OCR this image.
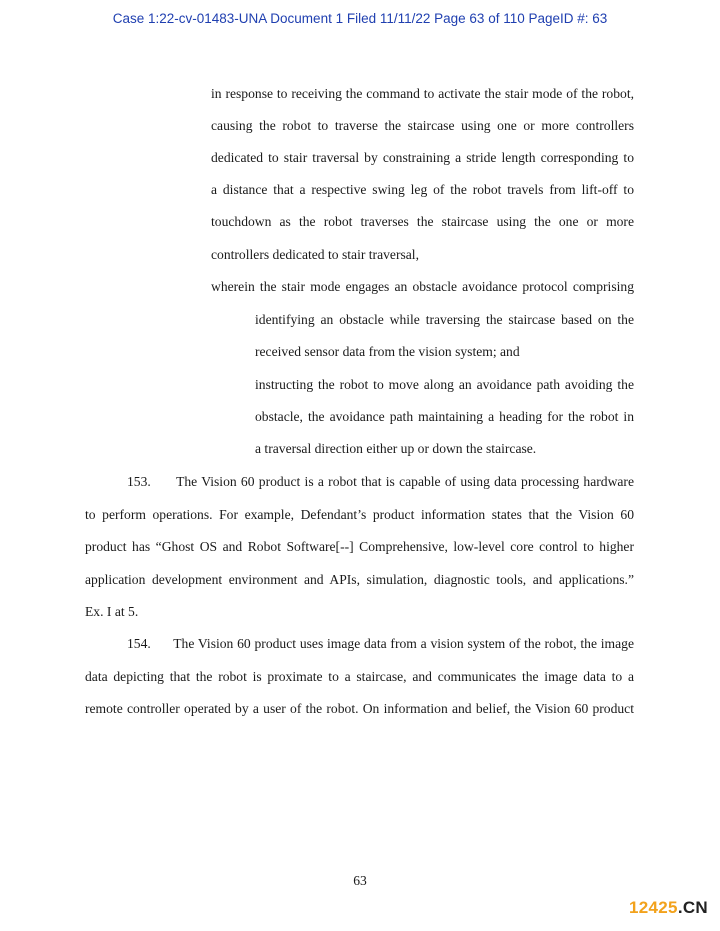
Case 1:22-cv-01483-UNA Document 1 Filed 11/11/22 Page 63 of 110 PageID #: 63
in response to receiving the command to activate the stair mode of the robot,
causing the robot to traverse the staircase using one or more controllers
dedicated to stair traversal by constraining a stride length corresponding to
a distance that a respective swing leg of the robot travels from lift-off to
touchdown as the robot traverses the staircase using the one or more
controllers dedicated to stair traversal,
wherein the stair mode engages an obstacle avoidance protocol comprising
identifying an obstacle while traversing the staircase based on the
received sensor data from the vision system; and
instructing the robot to move along an avoidance path avoiding the
obstacle, the avoidance path maintaining a heading for the robot in
a traversal direction either up or down the staircase.
153.      The Vision 60 product is a robot that is capable of using data processing hardware
to perform operations. For example, Defendant’s product information states that the Vision 60
product has “Ghost OS and Robot Software[--] Comprehensive, low-level core control to higher
application development environment and APIs, simulation, diagnostic tools, and applications.”
Ex. I at 5.
154.      The Vision 60 product uses image data from a vision system of the robot, the image
data depicting that the robot is proximate to a staircase, and communicates the image data to a
remote controller operated by a user of the robot. On information and belief, the Vision 60 product
63
12425.CN
